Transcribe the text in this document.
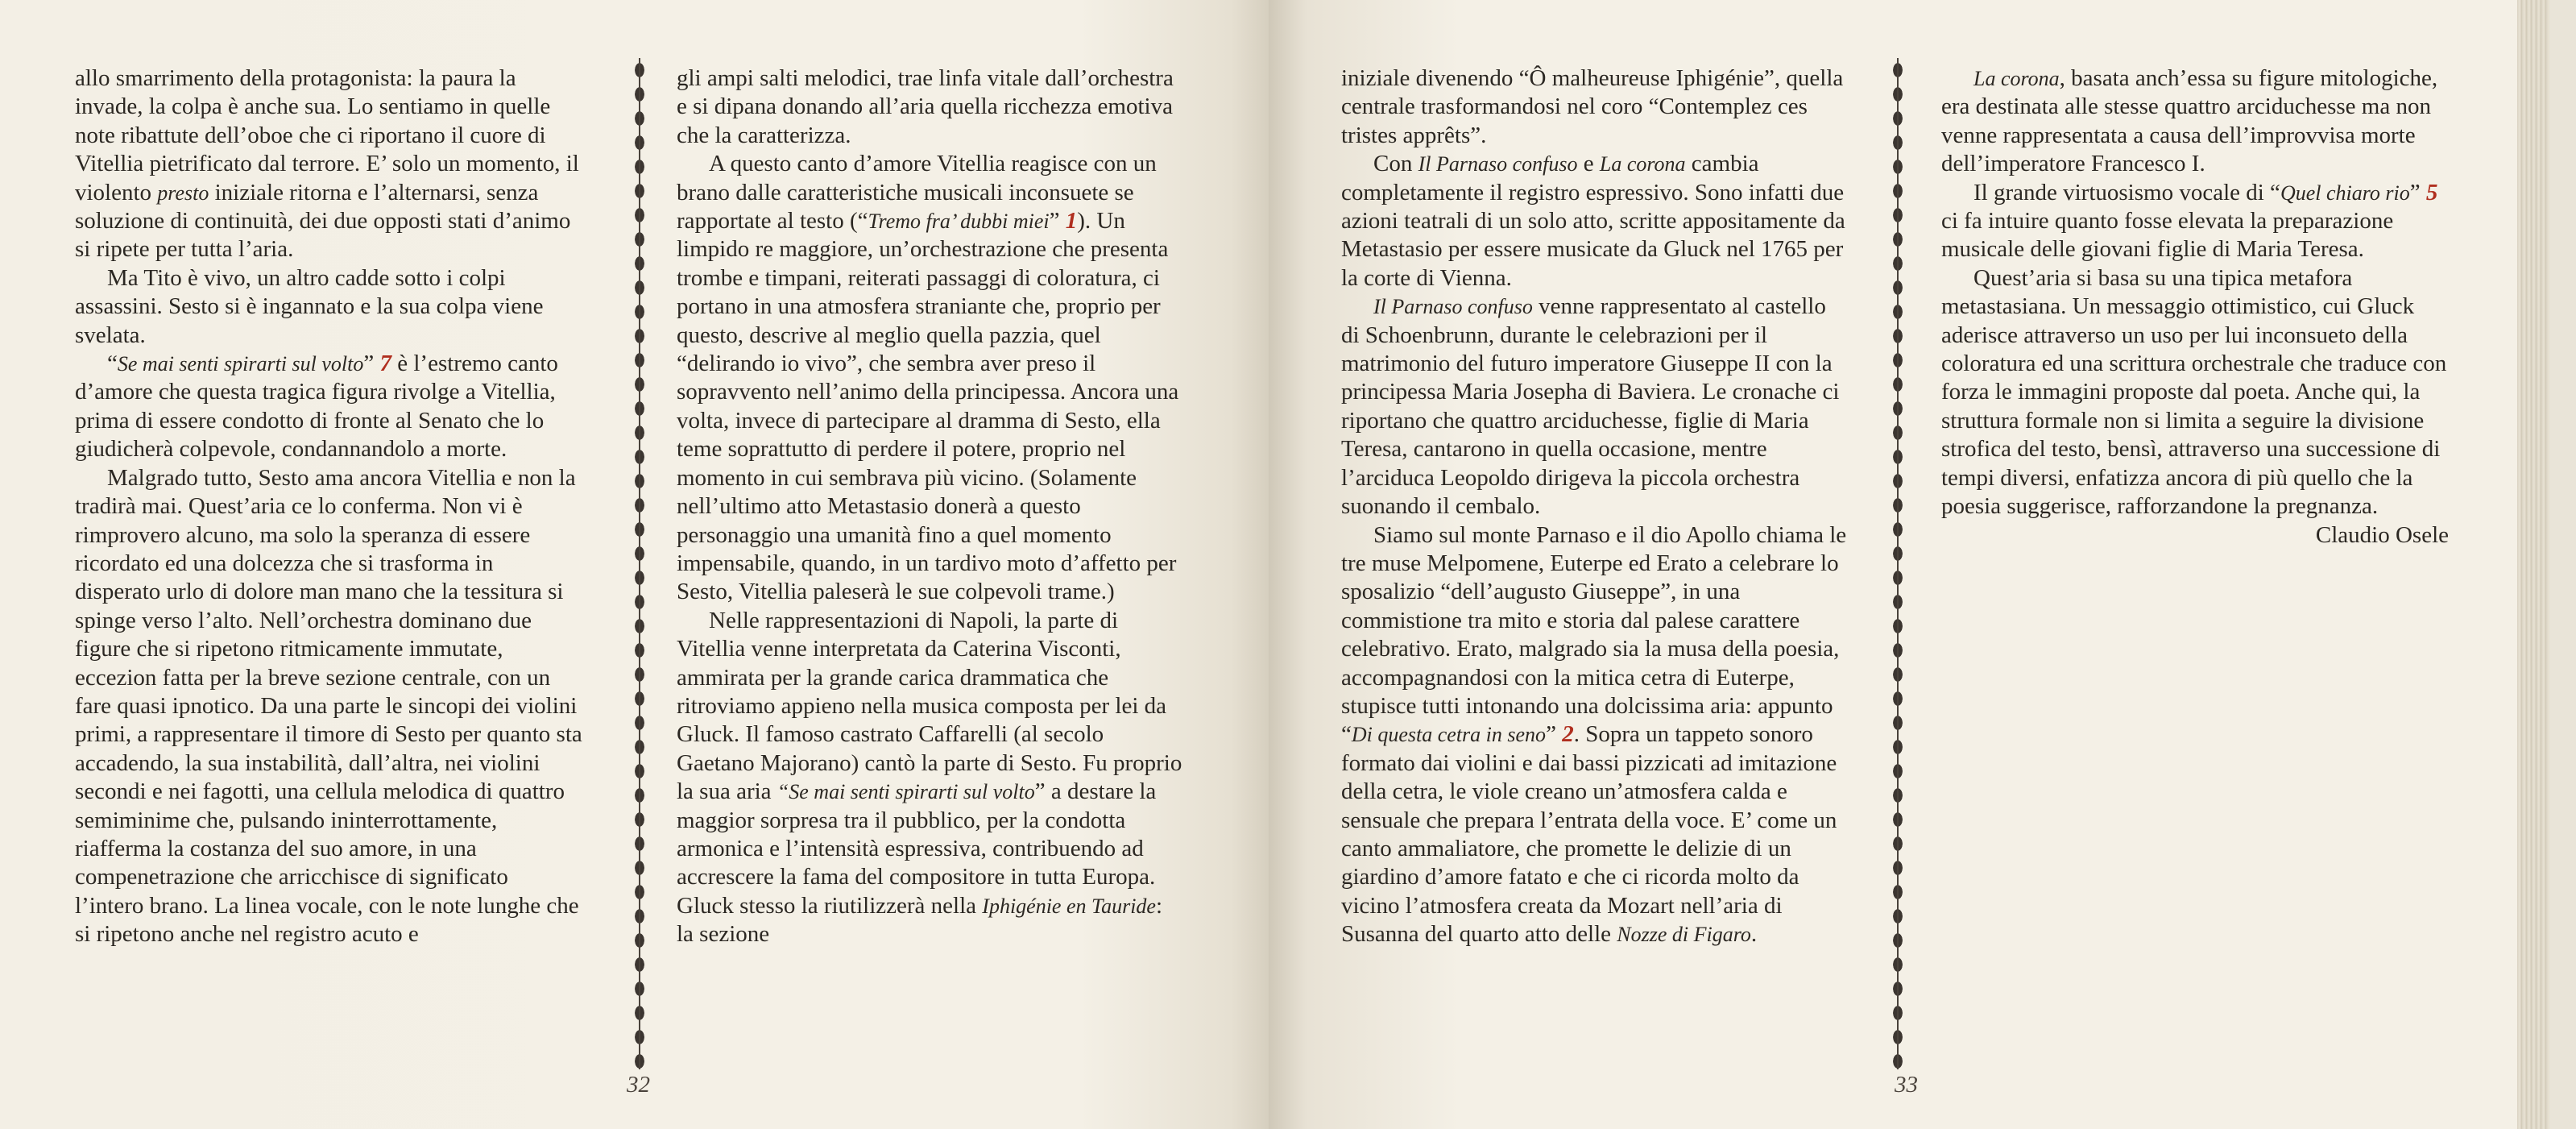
allo smarrimento della protagonista: la paura la invade, la colpa è anche sua. Lo sentiamo in quelle note ribattute dell’oboe che ci riportano il cuore di Vitellia pietrificato dal terrore. E’ solo un momento, il violento presto iniziale ritorna e l’alternarsi, senza soluzione di continuità, dei due opposti stati d’animo si ripete per tutta l’aria.

Ma Tito è vivo, un altro cadde sotto i colpi assassini. Sesto si è ingannato e la sua colpa viene svelata.

“Se mai senti spirarti sul volto” 7 è l’estremo canto d’amore che questa tragica figura rivolge a Vitellia, prima di essere condotto di fronte al Senato che lo giudicherà colpevole, condannandolo a morte.

Malgrado tutto, Sesto ama ancora Vitellia e non la tradirà mai. Quest’aria ce lo conferma. Non vi è rimprovero alcuno, ma solo la speranza di essere ricordato ed una dolcezza che si trasforma in disperato urlo di dolore man mano che la tessitura si spinge verso l’alto. Nell’orchestra dominano due figure che si ripetono ritmicamente immutate, eccezion fatta per la breve sezione centrale, con un fare quasi ipnotico. Da una parte le sincopi dei violini primi, a rappresentare il timore di Sesto per quanto sta accadendo, la sua instabilità, dall’altra, nei violini secondi e nei fagotti, una cellula melodica di quattro semiminime che, pulsando ininterrottamente, riafferma la costanza del suo amore, in una compenetrazione che arricchisce di significato l’intero brano. La linea vocale, con le note lunghe che si ripetono anche nel registro acuto e

gli ampi salti melodici, trae linfa vitale dall’orchestra e si dipana donando all’aria quella ricchezza emotiva che la caratterizza.

A questo canto d’amore Vitellia reagisce con un brano dalle caratteristiche musicali inconsuete se rapportate al testo (“Tremo fra’ dubbi miei” 1). Un limpido re maggiore, un’orchestrazione che presenta trombe e timpani, reiterati passaggi di coloratura, ci portano in una atmosfera straniante che, proprio per questo, descrive al meglio quella pazzia, quel “delirando io vivo”, che sembra aver preso il sopravvento nell’animo della principessa. Ancora una volta, invece di partecipare al dramma di Sesto, ella teme soprattutto di perdere il potere, proprio nel momento in cui sembrava più vicino. (Solamente nell’ultimo atto Metastasio donerà a questo personaggio una umanità fino a quel momento impensabile, quando, in un tardivo moto d’affetto per Sesto, Vitellia paleserà le sue colpevoli trame.)

Nelle rappresentazioni di Napoli, la parte di Vitellia venne interpretata da Caterina Visconti, ammirata per la grande carica drammatica che ritroviamo appieno nella musica composta per lei da Gluck. Il famoso castrato Caffarelli (al secolo Gaetano Majorano) cantò la parte di Sesto. Fu proprio la sua aria “Se mai senti spirarti sul volto” a destare la maggior sorpresa tra il pubblico, per la condotta armonica e l’intensità espressiva, contribuendo ad accrescere la fama del compositore in tutta Europa. Gluck stesso la riutilizzerà nella Iphigénie en Tauride: la sezione

32

iniziale divenendo “Ô malheureuse Iphigénie”, quella centrale trasformandosi nel coro “Contemplez ces tristes apprêts”.

Con Il Parnaso confuso e La corona cambia completamente il registro espressivo. Sono infatti due azioni teatrali di un solo atto, scritte appositamente da Metastasio per essere musicate da Gluck nel 1765 per la corte di Vienna.

Il Parnaso confuso venne rappresentato al castello di Schoenbrunn, durante le celebrazioni per il matrimonio del futuro imperatore Giuseppe II con la principessa Maria Josepha di Baviera. Le cronache ci riportano che quattro arciduchesse, figlie di Maria Teresa, cantarono in quella occasione, mentre l’arciduca Leopoldo dirigeva la piccola orchestra suonando il cembalo.

Siamo sul monte Parnaso e il dio Apollo chiama le tre muse Melpomene, Euterpe ed Erato a celebrare lo sposalizio “dell’augusto Giuseppe”, in una commistione tra mito e storia dal palese carattere celebrativo. Erato, malgrado sia la musa della poesia, accompagnandosi con la mitica cetra di Euterpe, stupisce tutti intonando una dolcissima aria: appunto “Di questa cetra in seno” 2. Sopra un tappeto sonoro formato dai violini e dai bassi pizzicati ad imitazione della cetra, le viole creano un’atmosfera calda e sensuale che prepara l’entrata della voce. E’ come un canto ammaliatore, che promette le delizie di un giardino d’amore fatato e che ci ricorda molto da vicino l’atmosfera creata da Mozart nell’aria di Susanna del quarto atto delle Nozze di Figaro.

La corona, basata anch’essa su figure mitologiche, era destinata alle stesse quattro arciduchesse ma non venne rappresentata a causa dell’improvvisa morte dell’imperatore Francesco I.

Il grande virtuosismo vocale di “Quel chiaro rio” 5 ci fa intuire quanto fosse elevata la preparazione musicale delle giovani figlie di Maria Teresa.

Quest’aria si basa su una tipica metafora metastasiana. Un messaggio ottimistico, cui Gluck aderisce attraverso un uso per lui inconsueto della coloratura ed una scrittura orchestrale che traduce con forza le immagini proposte dal poeta. Anche qui, la struttura formale non si limita a seguire la divisione strofica del testo, bensì, attraverso una successione di tempi diversi, enfatizza ancora di più quello che la poesia suggerisce, rafforzandone la pregnanza.

Claudio Osele

33
